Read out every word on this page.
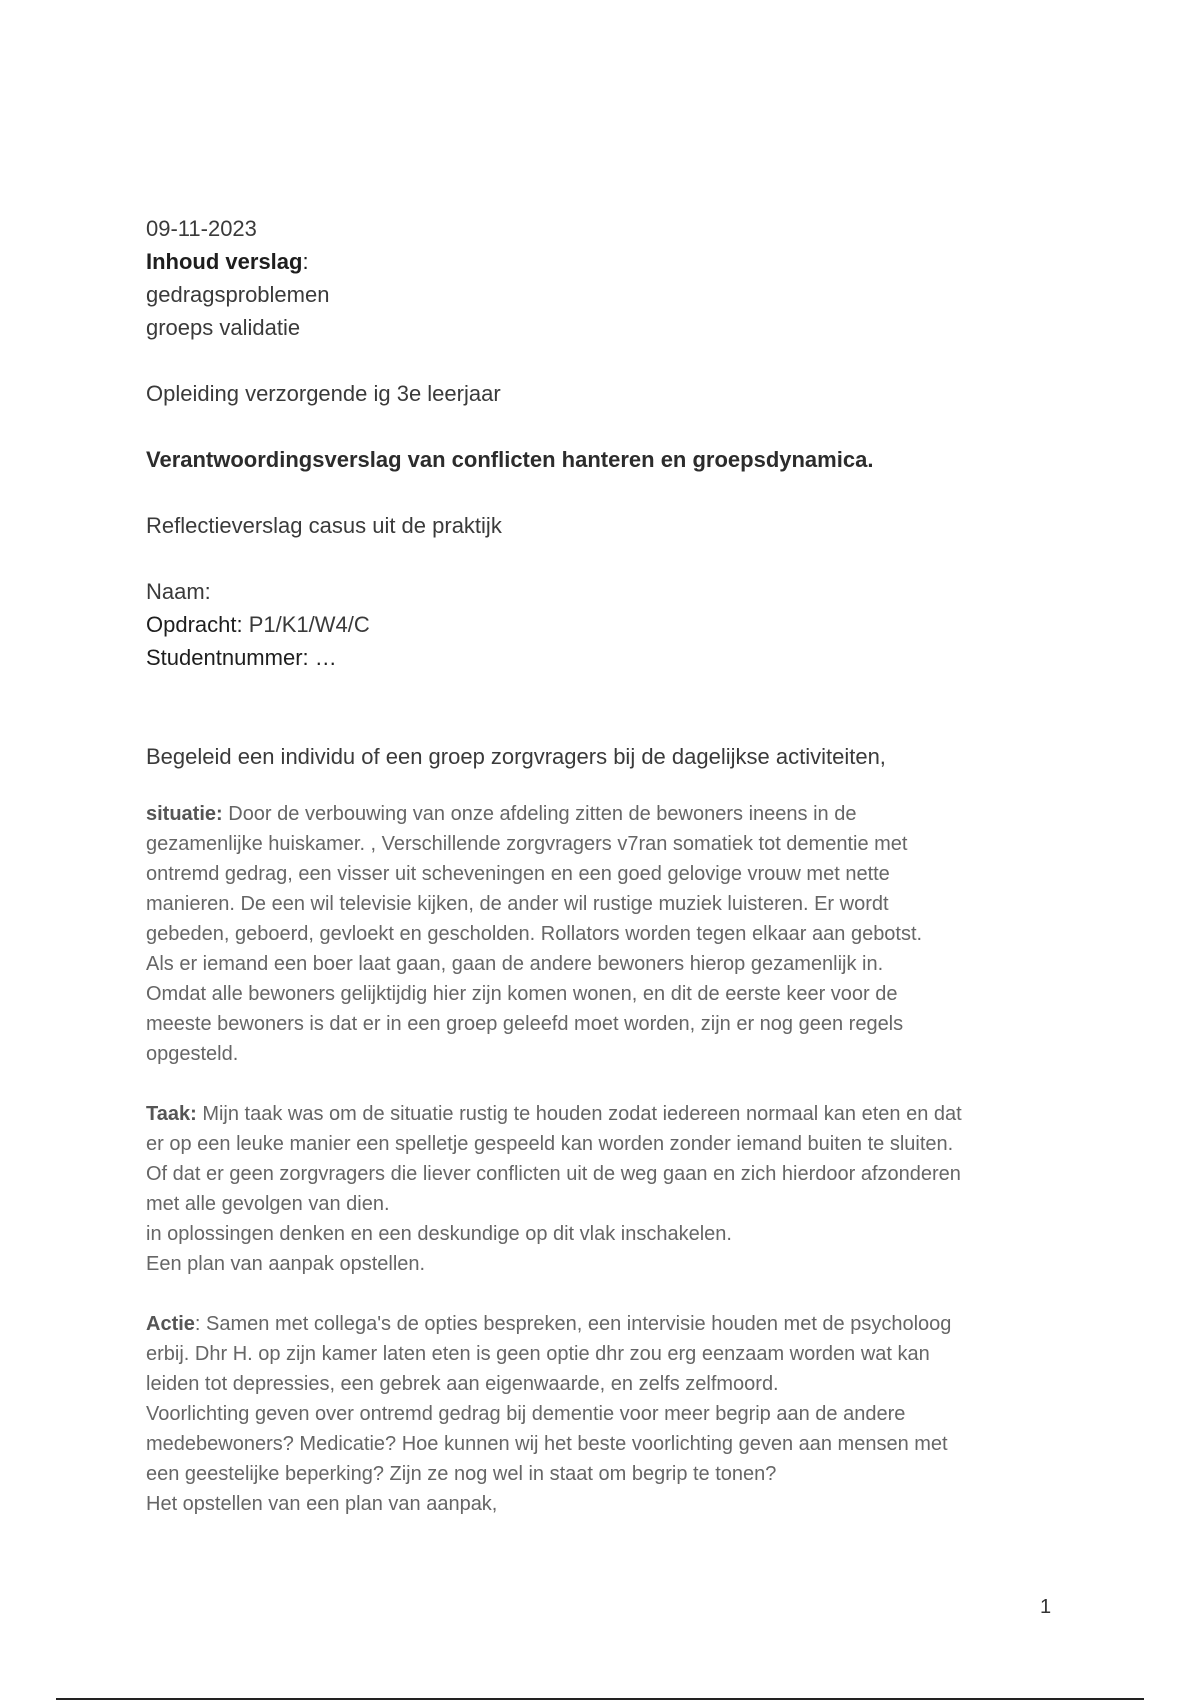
09-11-2023

Inhoud verslag:

gedragsproblemen

groeps validatie

Opleiding verzorgende ig 3e leerjaar

Verantwoordingsverslag van conflicten hanteren en groepsdynamica.

Reflectieverslag casus uit de praktijk

Naam:

Opdracht: P1/K1/W4/C

Studentnummer: …

Begeleid een individu of een groep zorgvragers bij de dagelijkse activiteiten,

situatie: Door de verbouwing van onze afdeling zitten de bewoners ineens in de

gezamenlijke huiskamer. , Verschillende zorgvragers v7ran somatiek tot dementie met

ontremd gedrag, een visser uit scheveningen en een goed gelovige vrouw met nette

manieren. De een wil televisie kijken, de ander wil rustige muziek luisteren. Er wordt

gebeden, geboerd, gevloekt en gescholden. Rollators worden tegen elkaar aan gebotst.

Als er iemand een boer laat gaan, gaan de andere bewoners hierop gezamenlijk in.

Omdat alle bewoners gelijktijdig hier zijn komen wonen, en dit de eerste keer voor de

meeste bewoners is dat er in een groep geleefd moet worden, zijn er nog geen regels

opgesteld.

Taak: Mijn taak was om de situatie rustig te houden zodat iedereen normaal kan eten en dat

er op een leuke manier een spelletje gespeeld kan worden zonder iemand buiten te sluiten.

Of dat er geen zorgvragers die liever conflicten uit de weg gaan en zich hierdoor afzonderen

met alle gevolgen van dien.

in oplossingen denken en een deskundige op dit vlak inschakelen.

Een plan van aanpak opstellen.

Actie: Samen met collega's de opties bespreken, een intervisie houden met de psycholoog

erbij. Dhr H. op zijn kamer laten eten is geen optie dhr zou erg eenzaam worden wat kan

leiden tot depressies, een gebrek aan eigenwaarde, en zelfs zelfmoord.

Voorlichting geven over ontremd gedrag bij dementie voor meer begrip aan de andere

medebewoners? Medicatie? Hoe kunnen wij het beste voorlichting geven aan mensen met

een geestelijke beperking? Zijn ze nog wel in staat om begrip te tonen?

Het opstellen van een plan van aanpak,

1
